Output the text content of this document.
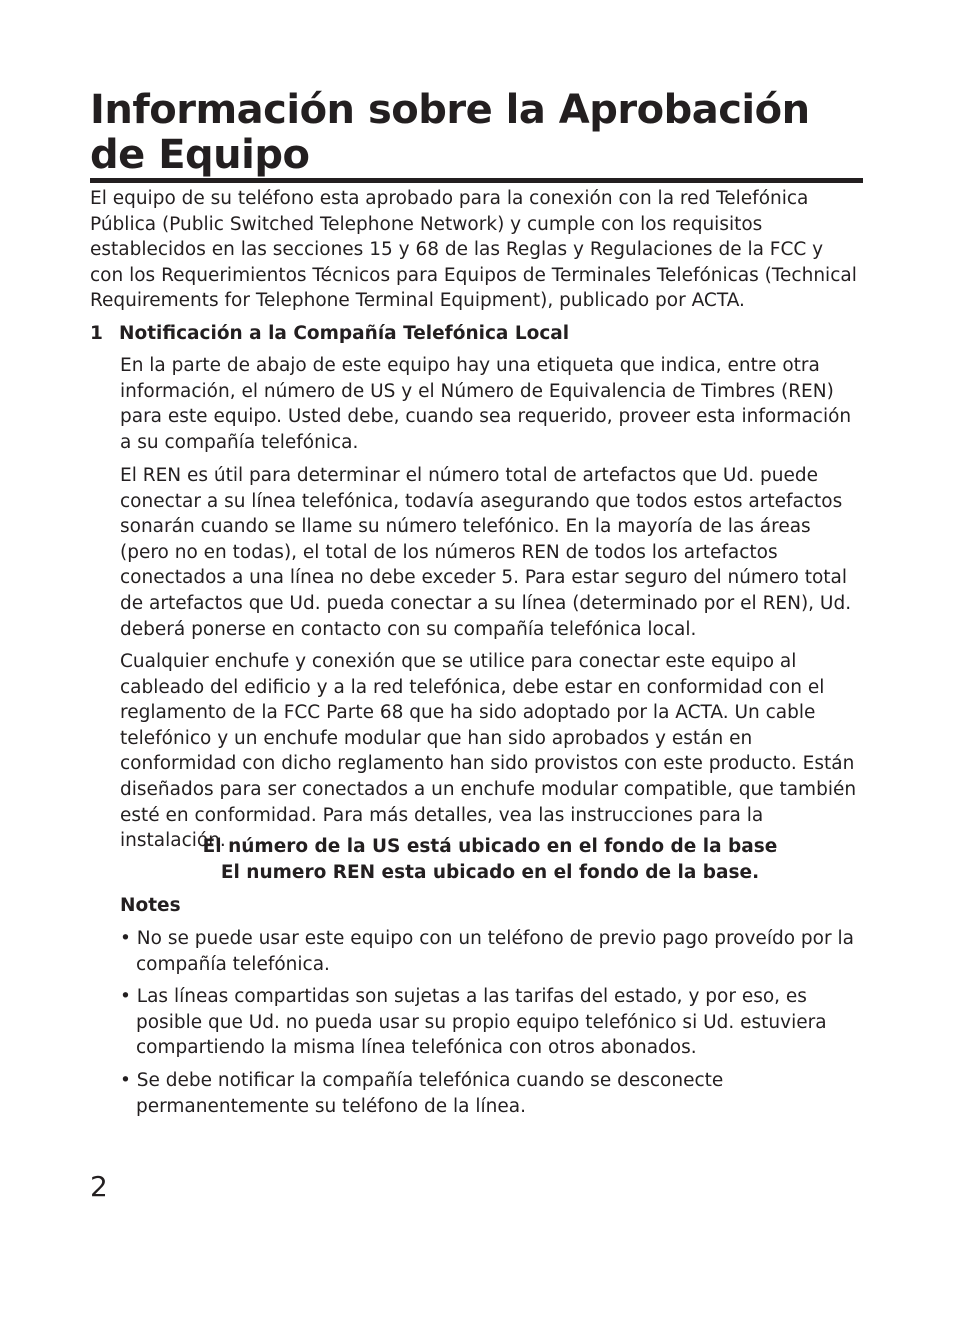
Información sobre la Aprobación de Equipo
El equipo de su teléfono esta aprobado para la conexión con la red Telefónica Pública (Public Switched Telephone Network) y cumple con los requisitos establecidos en las secciones 15 y 68 de las Reglas y Regulaciones de la FCC y con los Requerimientos Técnicos para Equipos de Terminales Telefónicas (Technical Requirements for Telephone Terminal Equipment), publicado por ACTA.
1 Notificación a la Compañía Telefónica Local
En la parte de abajo de este equipo hay una etiqueta que indica, entre otra información, el número de US y el Número de Equivalencia de Timbres (REN) para este equipo. Usted debe, cuando sea requerido, proveer esta información a su compañía telefónica.
El REN es útil para determinar el número total de artefactos que Ud. puede conectar a su línea telefónica, todavía asegurando que todos estos artefactos sonarán cuando se llame su número telefónico. En la mayoría de las áreas (pero no en todas), el total de los números REN de todos los artefactos conectados a una línea no debe exceder 5. Para estar seguro del número total de artefactos que Ud. pueda conectar a su línea (determinado por el REN), Ud. deberá ponerse en contacto con su compañía telefónica local.
Cualquier enchufe y conexión que se utilice para conectar este equipo al cableado del edificio y a la red telefónica, debe estar en conformidad con el reglamento de la FCC Parte 68 que ha sido adoptado por la ACTA. Un cable telefónico y un enchufe modular que han sido aprobados y están en conformidad con dicho reglamento han sido provistos con este producto. Están diseñados para ser conectados a un enchufe modular compatible, que también esté en conformidad. Para más detalles, vea las instrucciones para la instalación.
El número de la US está ubicado en el fondo de la base
El numero REN esta ubicado en el fondo de la base.
Notes
• No se puede usar este equipo con un teléfono de previo pago proveído por la compañía telefónica.
• Las líneas compartidas son sujetas a las tarifas del estado, y por eso, es posible que Ud. no pueda usar su propio equipo telefónico si Ud. estuviera compartiendo la misma línea telefónica con otros abonados.
• Se debe notificar la compañía telefónica cuando se desconecte permanentemente su teléfono de la línea.
2
